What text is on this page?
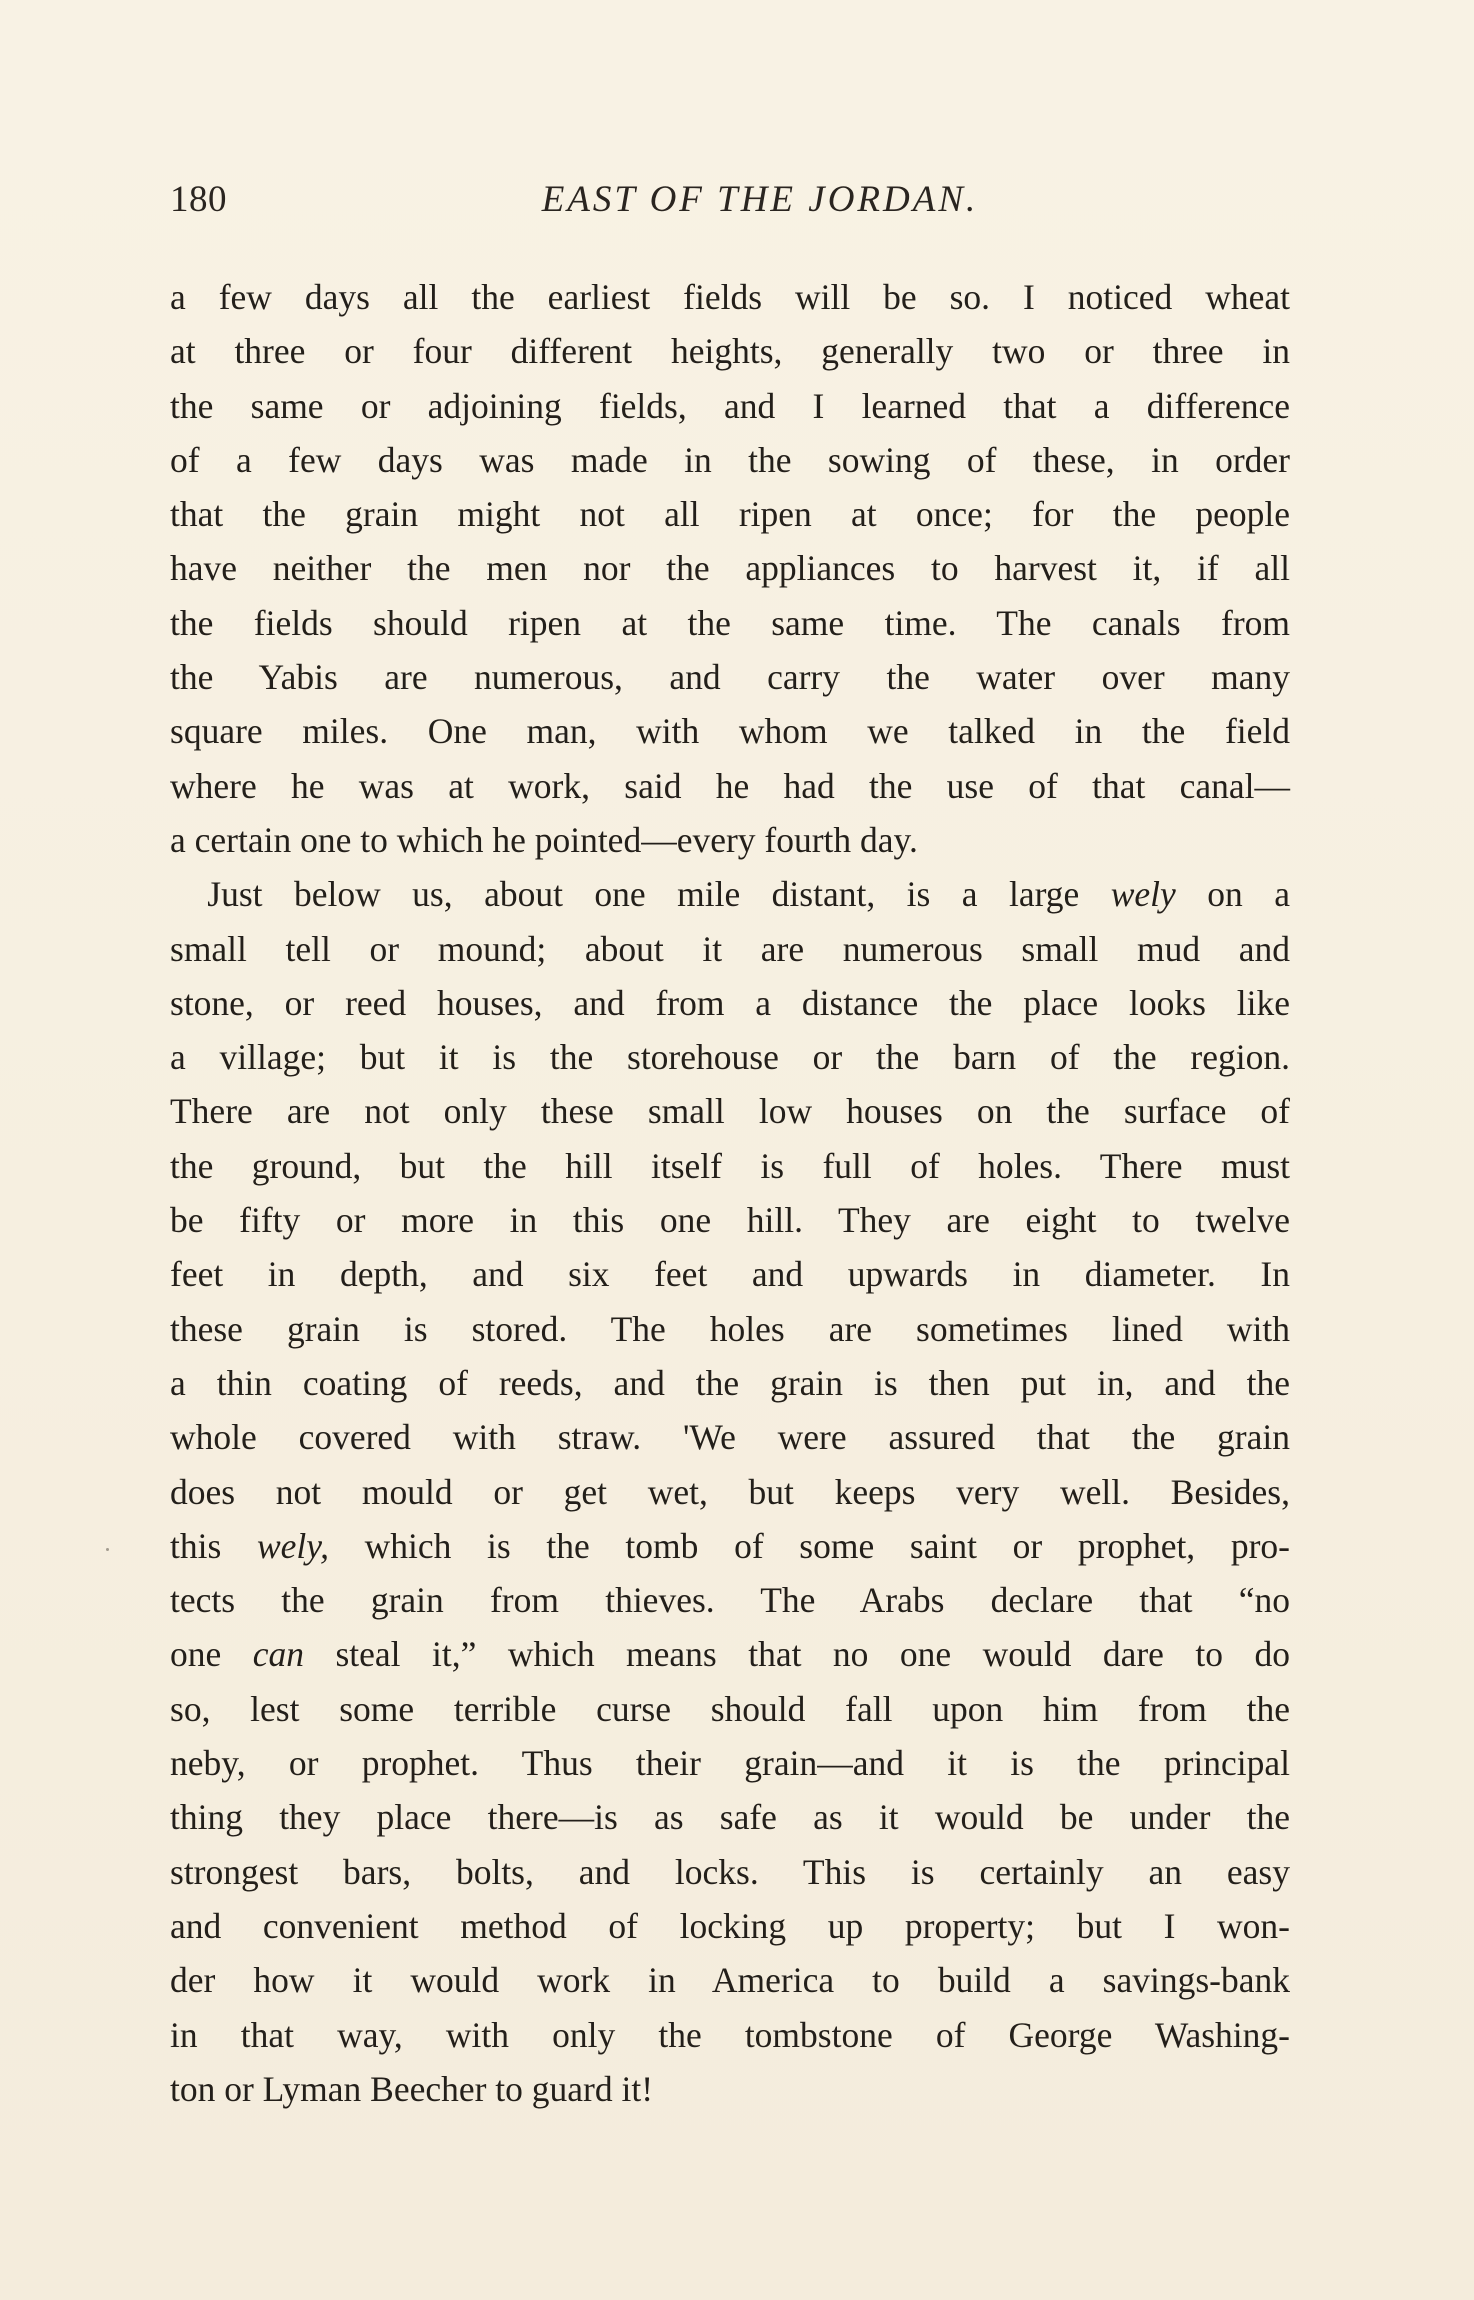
180	EAST OF THE JORDAN.
a few days all the earliest fields will be so. I noticed wheat
at three or four different heights, generally two or three in
the same or adjoining fields, and I learned that a difference
of a few days was made in the sowing of these, in order
that the grain might not all ripen at once; for the people
have neither the men nor the appliances to harvest it, if all
the fields should ripen at the same time. The canals from
the Yabis are numerous, and carry the water over many
square miles. One man, with whom we talked in the field
where he was at work, said he had the use of that canal—
a certain one to which he pointed—every fourth day.
Just below us, about one mile distant, is a large wely on a
small tell or mound; about it are numerous small mud and
stone, or reed houses, and from a distance the place looks like
a village; but it is the storehouse or the barn of the region.
There are not only these small low houses on the surface of
the ground, but the hill itself is full of holes. There must
be fifty or more in this one hill. They are eight to twelve
feet in depth, and six feet and upwards in diameter. In
these grain is stored. The holes are sometimes lined with
a thin coating of reeds, and the grain is then put in, and the
whole covered with straw. 'We were assured that the grain
does not mould or get wet, but keeps very well. Besides,
this wely, which is the tomb of some saint or prophet, pro-
tects the grain from thieves. The Arabs declare that “no
one can steal it,” which means that no one would dare to do
so, lest some terrible curse should fall upon him from the
neby, or prophet. Thus their grain—and it is the principal
thing they place there—is as safe as it would be under the
strongest bars, bolts, and locks. This is certainly an easy
and convenient method of locking up property; but I won-
der how it would work in America to build a savings-bank
in that way, with only the tombstone of George Washing-
ton or Lyman Beecher to guard it!
